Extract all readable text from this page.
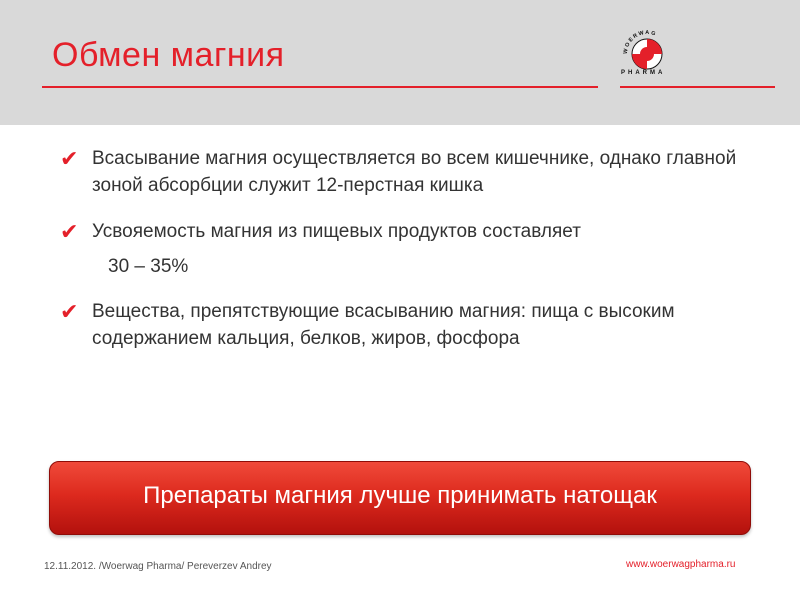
Обмен магния	WOERWAG
PHARMA
✔ Всасывание магния осуществляется во всем кишечнике, однако главной зоной абсорбции служит 12-перстная кишка
✔ Усвояемость магния из пищевых продуктов составляет
30 – 35%
✔ Вещества, препятствующие всасыванию магния: пища с высоким содержанием кальция, белков, жиров, фосфора
Препараты магния лучше принимать натощак
12.11.2012. /Woerwag Pharma/ Pereverzev Andrey	www.woerwagpharma.ru
